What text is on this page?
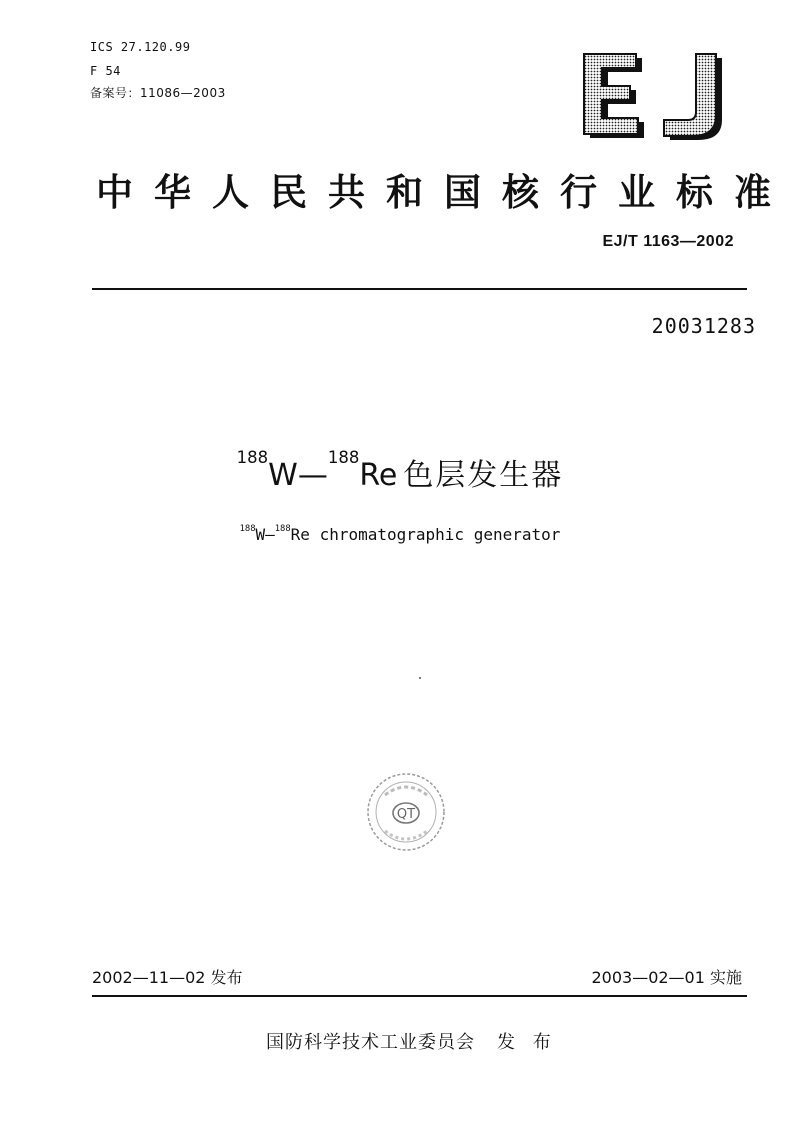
ICS 27.120.99
F 54
备案号：11086—2003
中华人民共和国核行业标准
EJ/T 1163—2002
20031283
$^{188}$W—$^{188}$Re 色层发生器
$^{188}$W—$^{188}$Re chromatographic generator
QT
2002—11—02 发布	2003—02—01 实施
国防科学技术工业委员会 发 布
